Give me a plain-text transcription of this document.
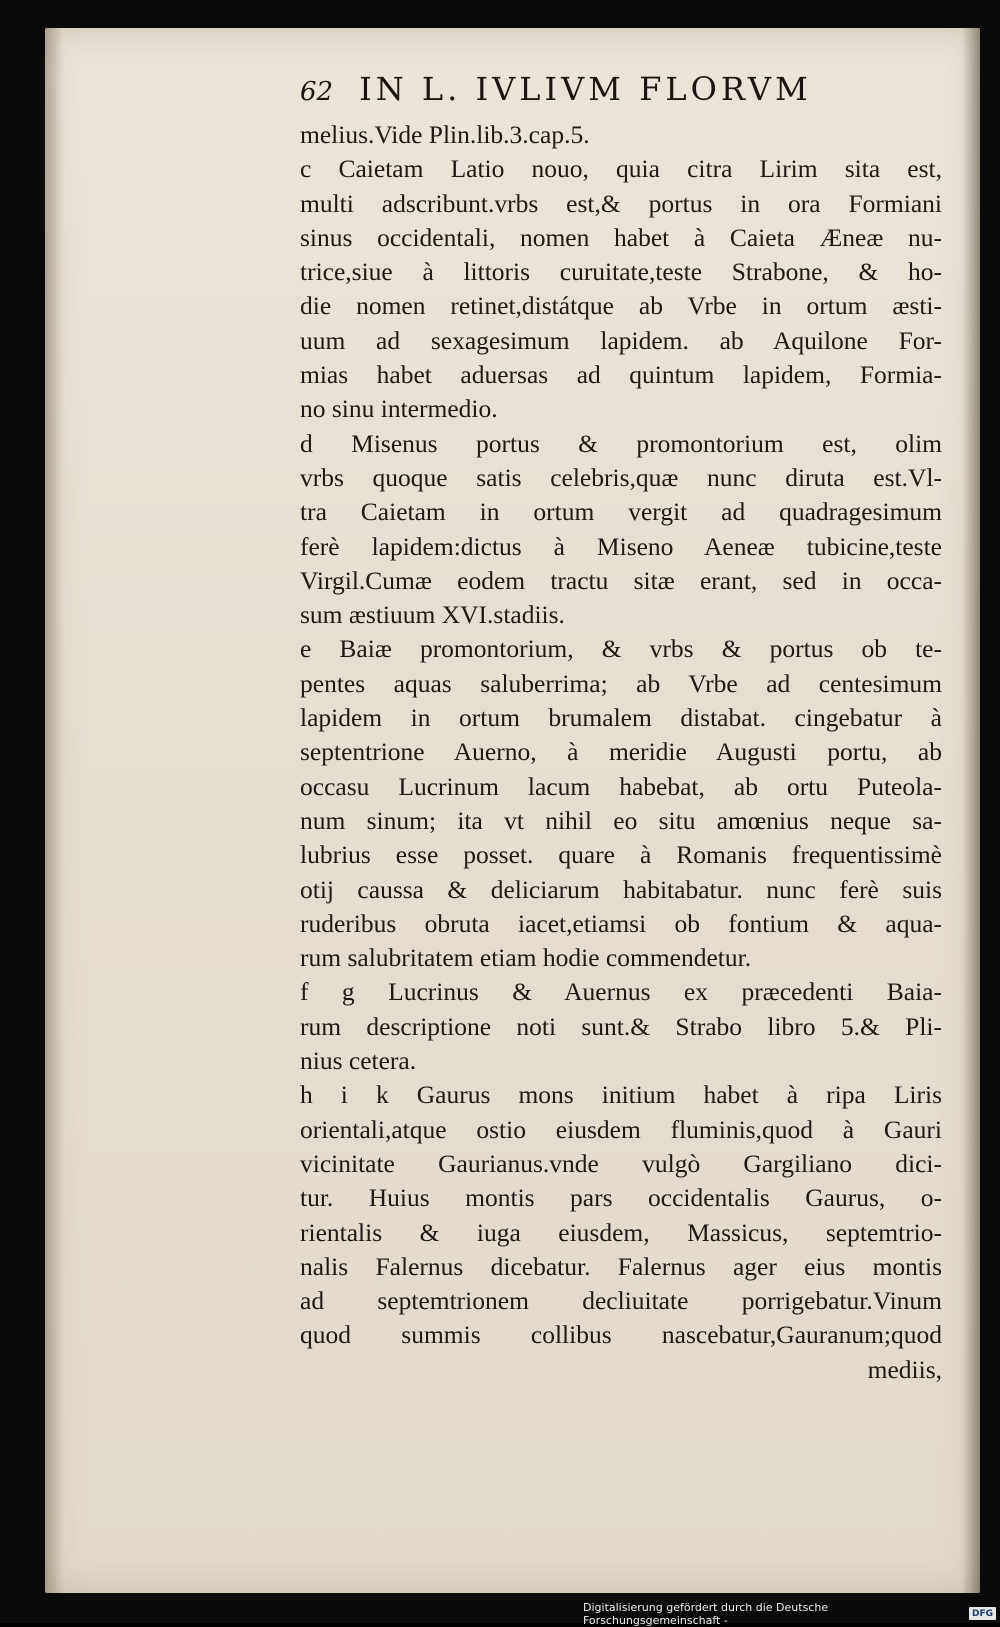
62 IN L. IVLIVM FLORVM
melius.Vide Plin.lib.3.cap.5.
c Caietam Latio nouo, quia citra Lirim sita est,
multi adscribunt.vrbs est,& portus in ora Formiani
sinus occidentali, nomen habet à Caieta Æneæ nu-
trice,siue à littoris curuitate,teste Strabone, & ho-
die nomen retinet,distátque ab Vrbe in ortum æsti-
uum ad sexagesimum lapidem. ab Aquilone For-
mias habet aduersas ad quintum lapidem, Formia-
no sinu intermedio.
d Misenus portus & promontorium est, olim
vrbs quoque satis celebris,quæ nunc diruta est.Vl-
tra Caietam in ortum vergit ad quadragesimum
ferè lapidem:dictus à Miseno Aeneæ tubicine,teste
Virgil.Cumæ eodem tractu sitæ erant, sed in occa-
sum æstiuum XVI.stadiis.
e Baiæ promontorium, & vrbs & portus ob te-
pentes aquas saluberrima; ab Vrbe ad centesimum
lapidem in ortum brumalem distabat. cingebatur à
septentrione Auerno, à meridie Augusti portu, ab
occasu Lucrinum lacum habebat, ab ortu Puteola-
num sinum; ita vt nihil eo situ amœnius neque sa-
lubrius esse posset. quare à Romanis frequentissimè
otij caussa & deliciarum habitabatur. nunc ferè suis
ruderibus obruta iacet,etiamsi ob fontium & aqua-
rum salubritatem etiam hodie commendetur.
f g Lucrinus & Auernus ex præcedenti Baia-
rum descriptione noti sunt.& Strabo libro 5.& Pli-
nius cetera.
h i k Gaurus mons initium habet à ripa Liris
orientali,atque ostio eiusdem fluminis,quod à Gauri
vicinitate Gaurianus.vnde vulgò Gargiliano dici-
tur. Huius montis pars occidentalis Gaurus, o-
rientalis & iuga eiusdem, Massicus, septemtrio-
nalis Falernus dicebatur. Falernus ager eius montis
ad septemtrionem decliuitate porrigebatur.Vinum
quod summis collibus nascebatur,Gauranum;quod
mediis,
Digitalisierung gefördert durch die Deutsche Forschungsgemeinschaft -	DFG
